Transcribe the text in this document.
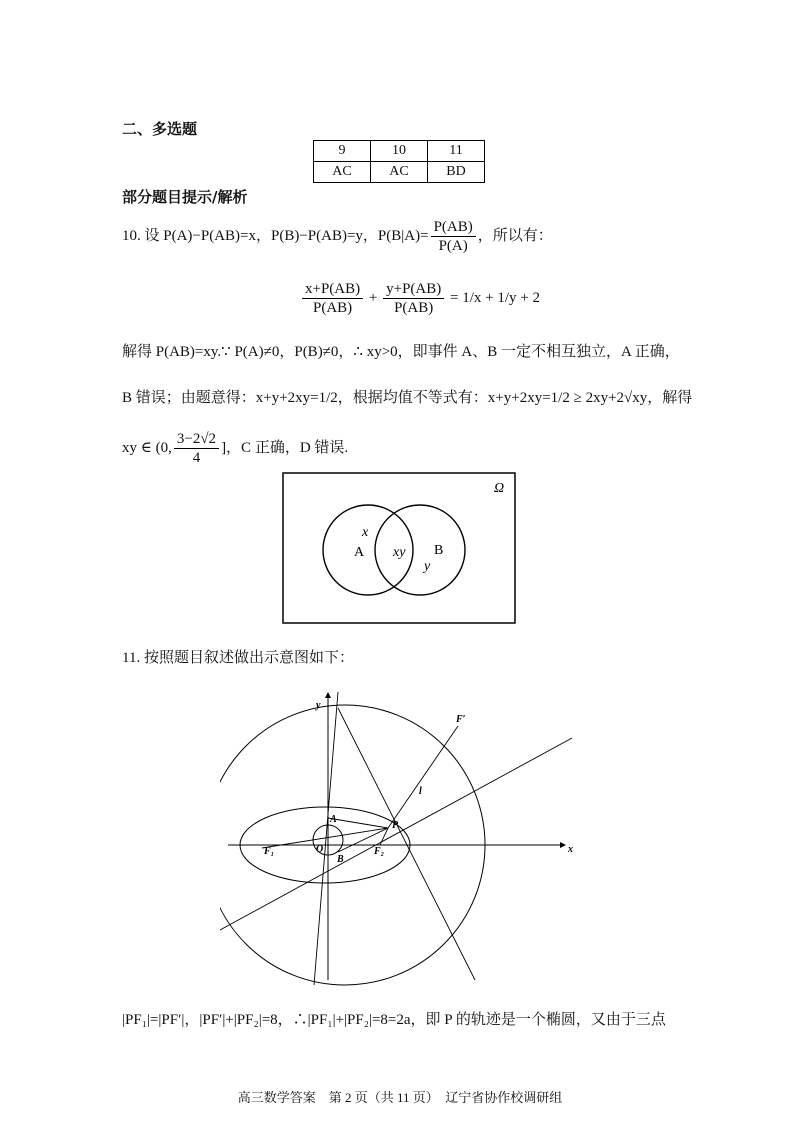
二、多选题
9	10	11
AC	AC	BD
部分题目提示/解析
10. 设 P(A)−P(AB)=x，P(B)−P(AB)=y，$P(B|A)= \frac{P(AB)}{P(A)}$ ，所以有：
$\frac{x+P(AB)}{P(AB)} + \frac{y+P(AB)}{P(AB)} = 1/x + 1/y + 2$
解得 P(AB)=xy.∵ P(A)≠0，P(B)≠0，∴ xy>0，即事件 A、B 一定不相互独立，A 正确，
B 错误；由题意得：x+y+2xy=1/2，根据均值不等式有：x+y+2xy=1/2 ≥ 2xy+2√xy，解得
xy ∈ (0, $\frac{3-2√2}{4}$ ]，C 正确，D 错误.
Ω
x
A xy B
y
11. 按照题目叙述做出示意图如下：
y
x
F′
l
A
P
O
B
F₁	F₂
|PF₁|=|PF′|，|PF′|+|PF₂|=8，∴|PF₁|+|PF₂|=8=2a，即 P 的轨迹是一个椭圆，又由于三点
高三数学答案　第 2 页（共 11 页）　辽宁省协作校调研组
